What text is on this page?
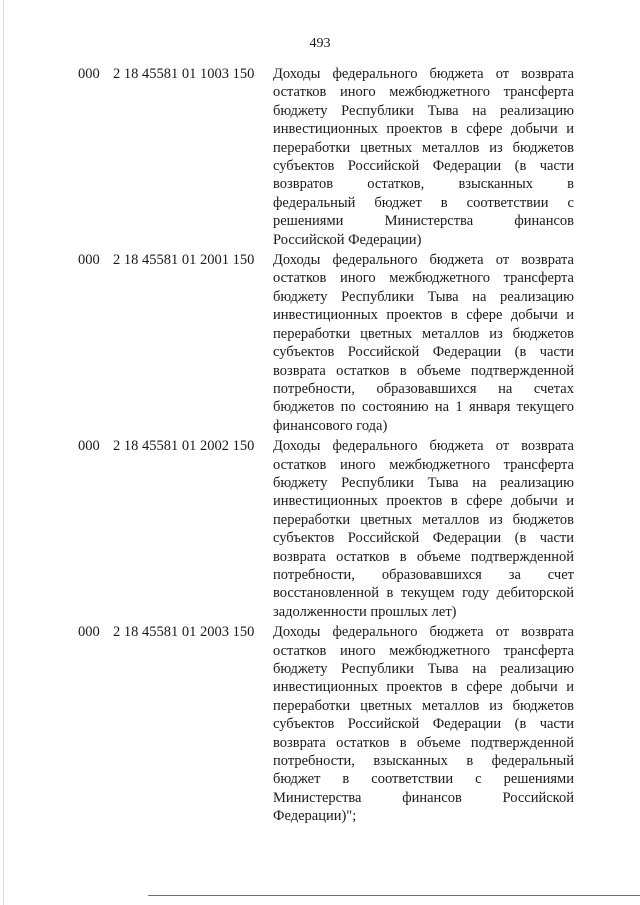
493
000 2 18 45581 01 1003 150 Доходы федерального бюджета от возврата
остатков иного межбюджетного трансферта
бюджету Республики Тыва на реализацию
инвестиционных проектов в сфере добычи и
переработки цветных металлов из бюджетов
субъектов Российской Федерации (в части
возвратов остатков, взысканных в
федеральный бюджет в соответствии с
решениями Министерства финансов
Российской Федерации)
000 2 18 45581 01 2001 150 Доходы федерального бюджета от возврата
остатков иного межбюджетного трансферта
бюджету Республики Тыва на реализацию
инвестиционных проектов в сфере добычи и
переработки цветных металлов из бюджетов
субъектов Российской Федерации (в части
возврата остатков в объеме подтвержденной
потребности, образовавшихся на счетах
бюджетов по состоянию на 1 января текущего
финансового года)
000 2 18 45581 01 2002 150 Доходы федерального бюджета от возврата
остатков иного межбюджетного трансферта
бюджету Республики Тыва на реализацию
инвестиционных проектов в сфере добычи и
переработки цветных металлов из бюджетов
субъектов Российской Федерации (в части
возврата остатков в объеме подтвержденной
потребности, образовавшихся за счет
восстановленной в текущем году дебиторской
задолженности прошлых лет)
000 2 18 45581 01 2003 150 Доходы федерального бюджета от возврата
остатков иного межбюджетного трансферта
бюджету Республики Тыва на реализацию
инвестиционных проектов в сфере добычи и
переработки цветных металлов из бюджетов
субъектов Российской Федерации (в части
возврата остатков в объеме подтвержденной
потребности, взысканных в федеральный
бюджет в соответствии с решениями
Министерства финансов Российской
Федерации)";
